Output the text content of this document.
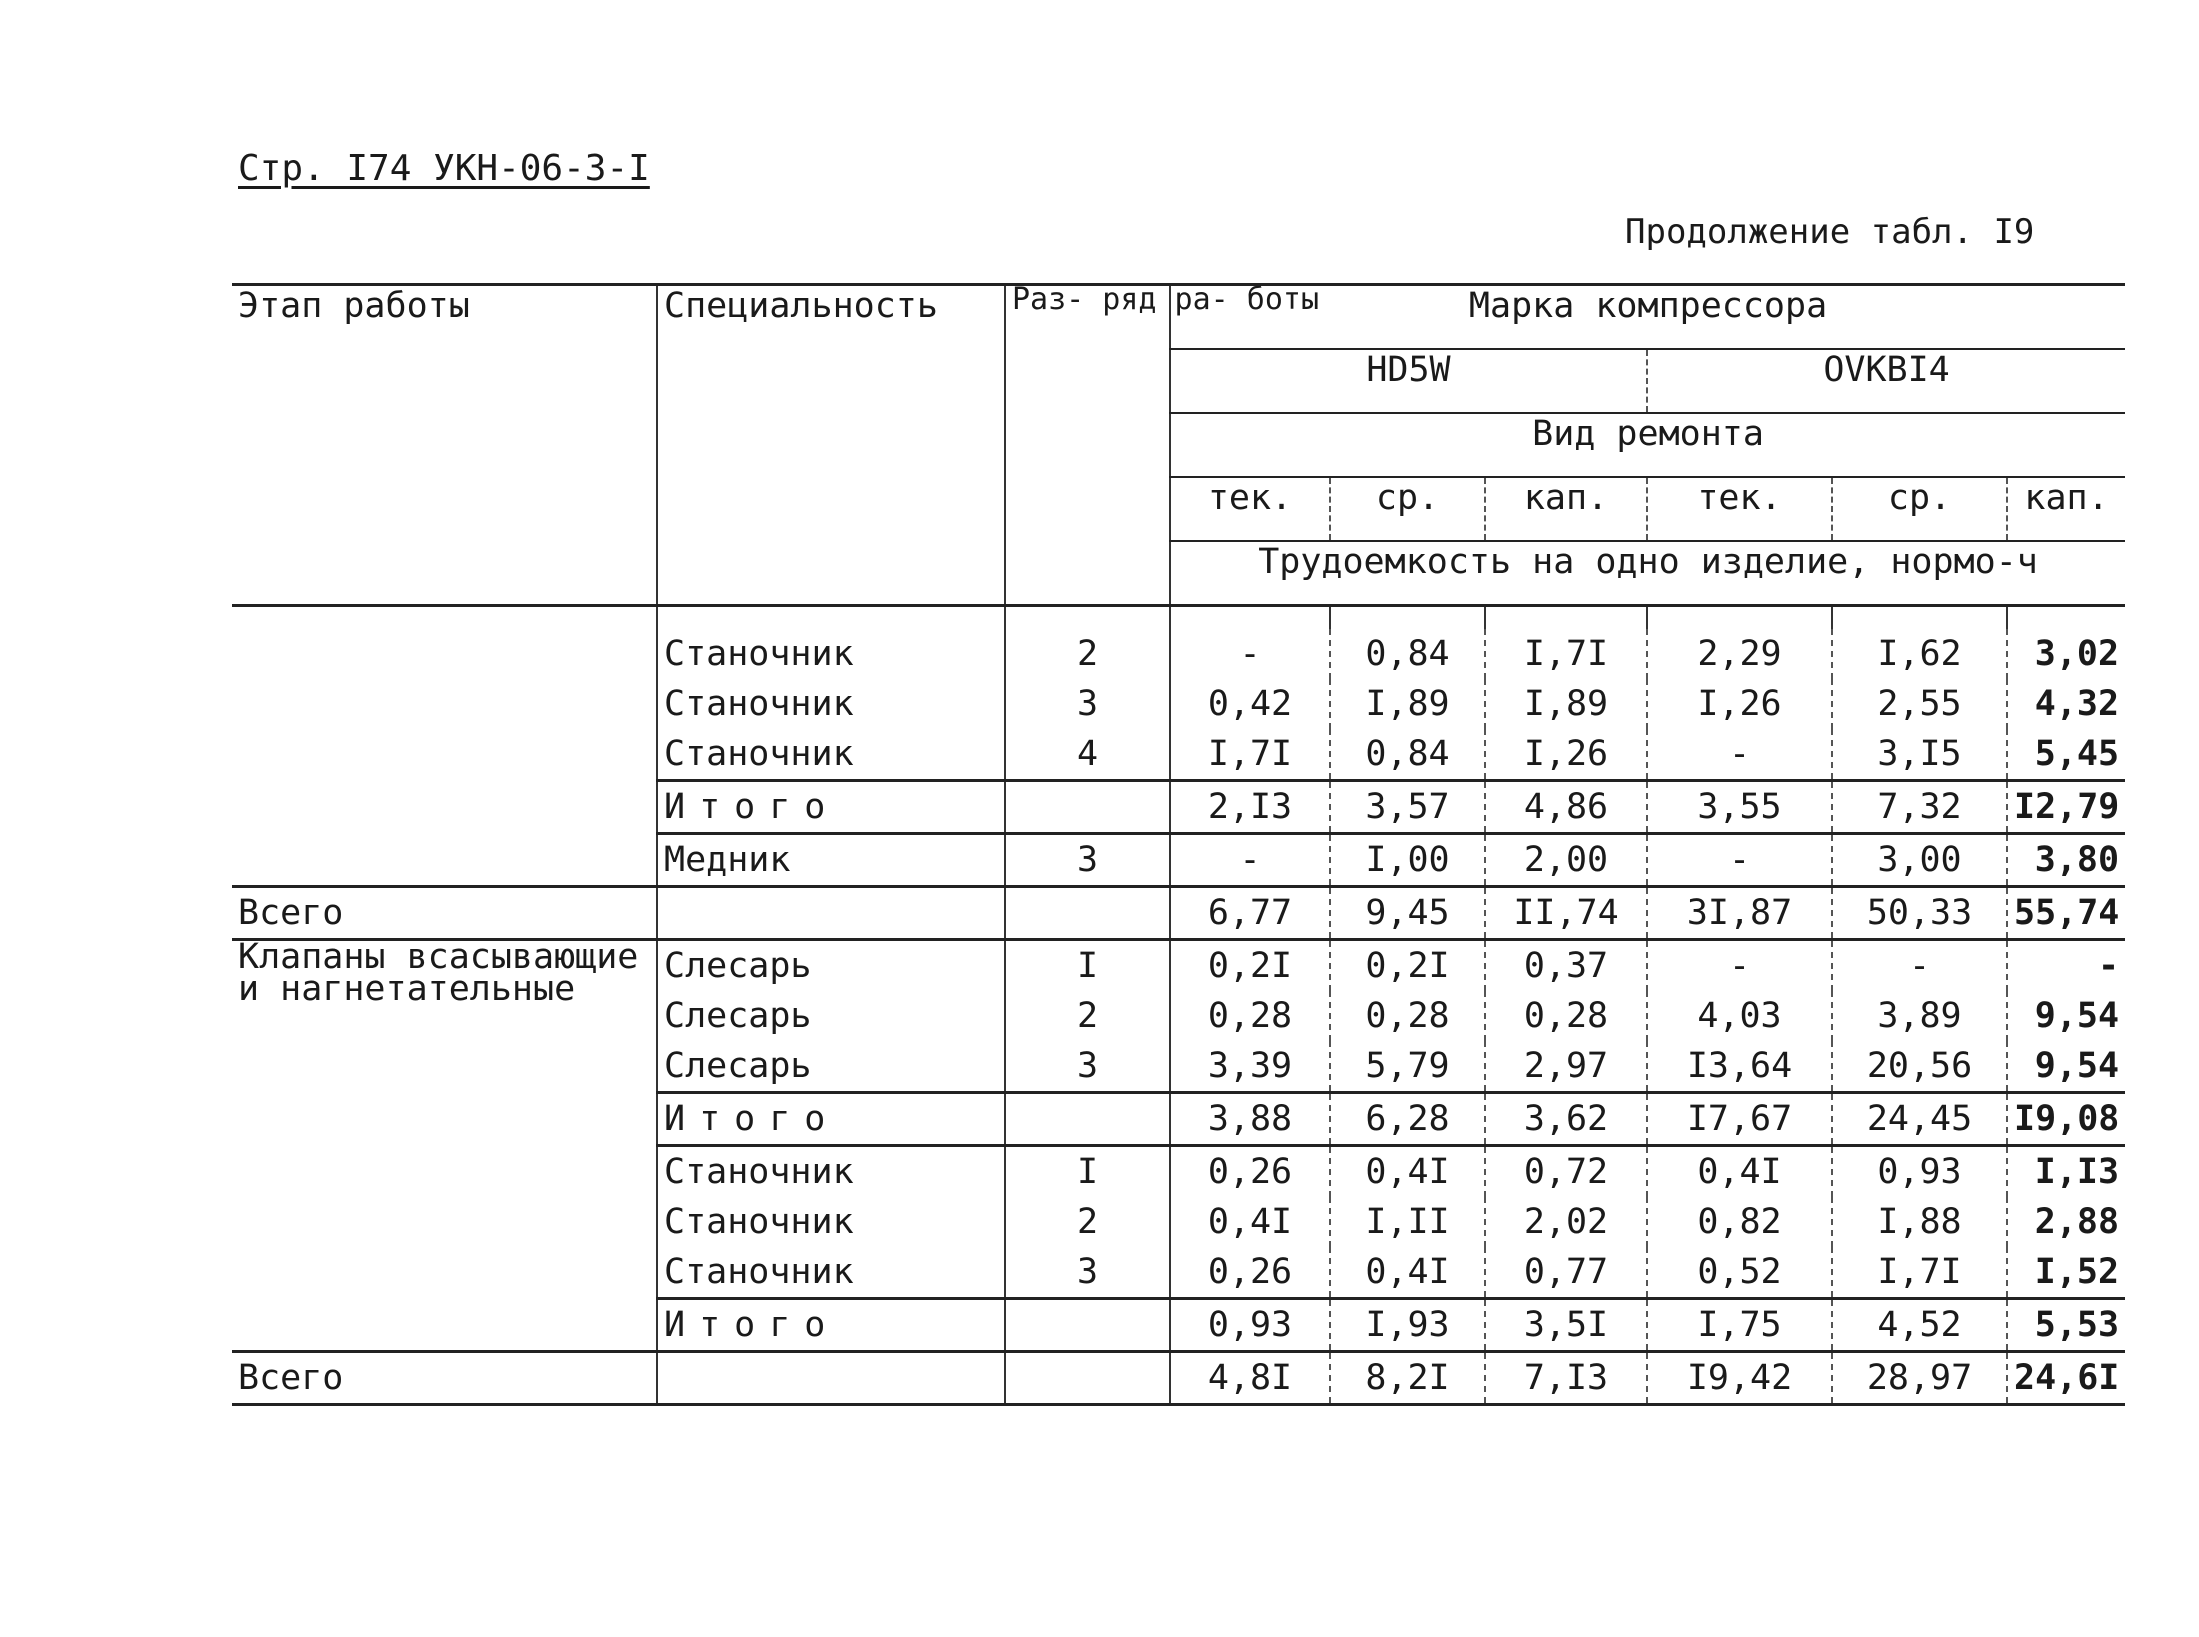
Стр. I74 УКН-06-3-I
Продолжение табл. I9
Этап работы	Специальность	Раз- ряд ра- боты	Марка компрессора					
			HD5W			OVKBI4		
			Вид ремонта					
			тек.	ср.	кап.	тек.	ср.	кап.
			Трудоемкость на одно изделие, нормо-ч					

	Станочник	2	-	0,84	I,7I	2,29	I,62	3,02
	Станочник	3	0,42	I,89	I,89	I,26	2,55	4,32
	Станочник	4	I,7I	0,84	I,26	-	3,I5	5,45
	Итого		2,I3	3,57	4,86	3,55	7,32	I2,79
	Медник	3	-	I,00	2,00	-	3,00	3,80
Всего			6,77	9,45	II,74	3I,87	50,33	55,74
Клапаны всасывающие и нагнетательные	Слесарь	I	0,2I	0,2I	0,37	-	-	-
	Слесарь	2	0,28	0,28	0,28	4,03	3,89	9,54
	Слесарь	3	3,39	5,79	2,97	I3,64	20,56	9,54
	Итого		3,88	6,28	3,62	I7,67	24,45	I9,08
	Станочник	I	0,26	0,4I	0,72	0,4I	0,93	I,I3
	Станочник	2	0,4I	I,II	2,02	0,82	I,88	2,88
	Станочник	3	0,26	0,4I	0,77	0,52	I,7I	I,52
	Итого		0,93	I,93	3,5I	I,75	4,52	5,53
Всего			4,8I	8,2I	7,I3	I9,42	28,97	24,6I
